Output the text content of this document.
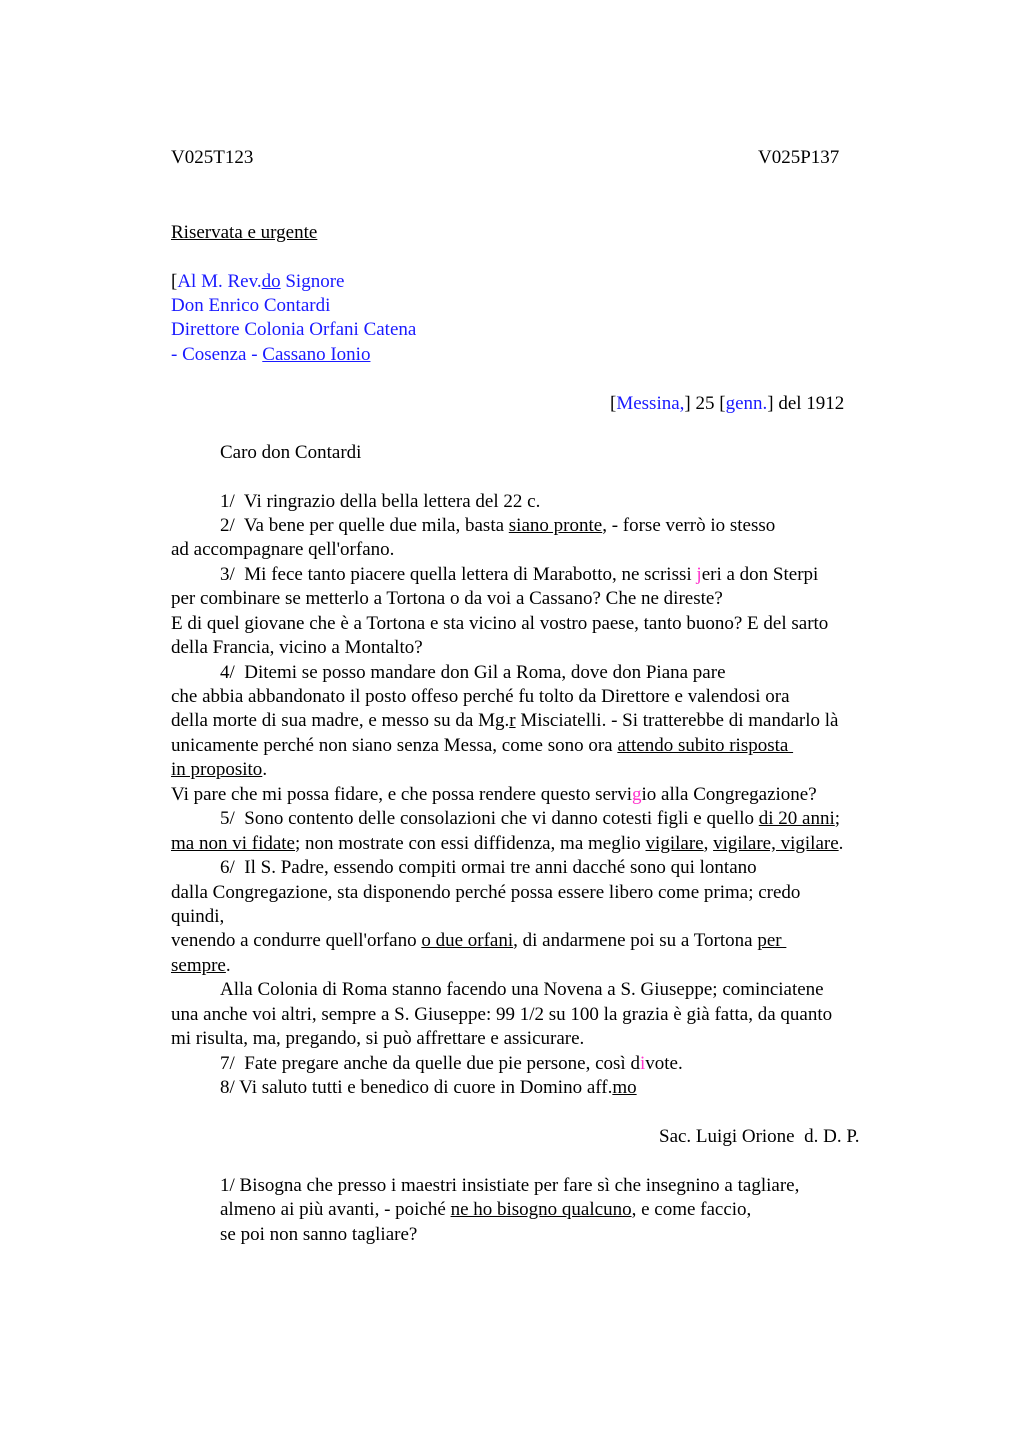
V025T123	V025P137
Riservata e urgente
[Al M. Rev.do Signore
Don Enrico Contardi
Direttore Colonia Orfani Catena
- Cosenza - Cassano Ionio
[Messina,] 25 [genn.] del 1912
Caro don Contardi
1/  Vi ringrazio della bella lettera del 22 c.
2/  Va bene per quelle due mila, basta siano pronte, - forse verrò io stesso
ad accompagnare qell'orfano.
3/  Mi fece tanto piacere quella lettera di Marabotto, ne scrissi jeri a don Sterpi
per combinare se metterlo a Tortona o da voi a Cassano? Che ne direste?
E di quel giovane che è a Tortona e sta vicino al vostro paese, tanto buono? E del sarto
della Francia, vicino a Montalto?
4/  Ditemi se posso mandare don Gil a Roma, dove don Piana pare
che abbia abbandonato il posto offeso perché fu tolto da Direttore e valendosi ora
della morte di sua madre, e messo su da Mg.r Misciatelli. - Si tratterebbe di mandarlo là
unicamente perché non siano senza Messa, come sono ora attendo subito risposta
in proposito.
Vi pare che mi possa fidare, e che possa rendere questo servigio alla Congregazione?
5/  Sono contento delle consolazioni che vi danno cotesti figli e quello di 20 anni;
ma non vi fidate; non mostrate con essi diffidenza, ma meglio vigilare, vigilare, vigilare.
6/  Il S. Padre, essendo compiti ormai tre anni dacché sono qui lontano
dalla Congregazione, sta disponendo perché possa essere libero come prima; credo
quindi,
venendo a condurre quell'orfano o due orfani, di andarmene poi su a Tortona per
sempre.
Alla Colonia di Roma stanno facendo una Novena a S. Giuseppe; cominciatene
una anche voi altri, sempre a S. Giuseppe: 99 1/2 su 100 la grazia è già fatta, da quanto
mi risulta, ma, pregando, si può affrettare e assicurare.
7/  Fate pregare anche da quelle due pie persone, così divote.
8/ Vi saluto tutti e benedico di cuore in Domino aff.mo
Sac. Luigi Orione  d. D. P.
1/ Bisogna che presso i maestri insistiate per fare sì che insegnino a tagliare,
almeno ai più avanti, - poiché ne ho bisogno qualcuno, e come faccio,
se poi non sanno tagliare?
